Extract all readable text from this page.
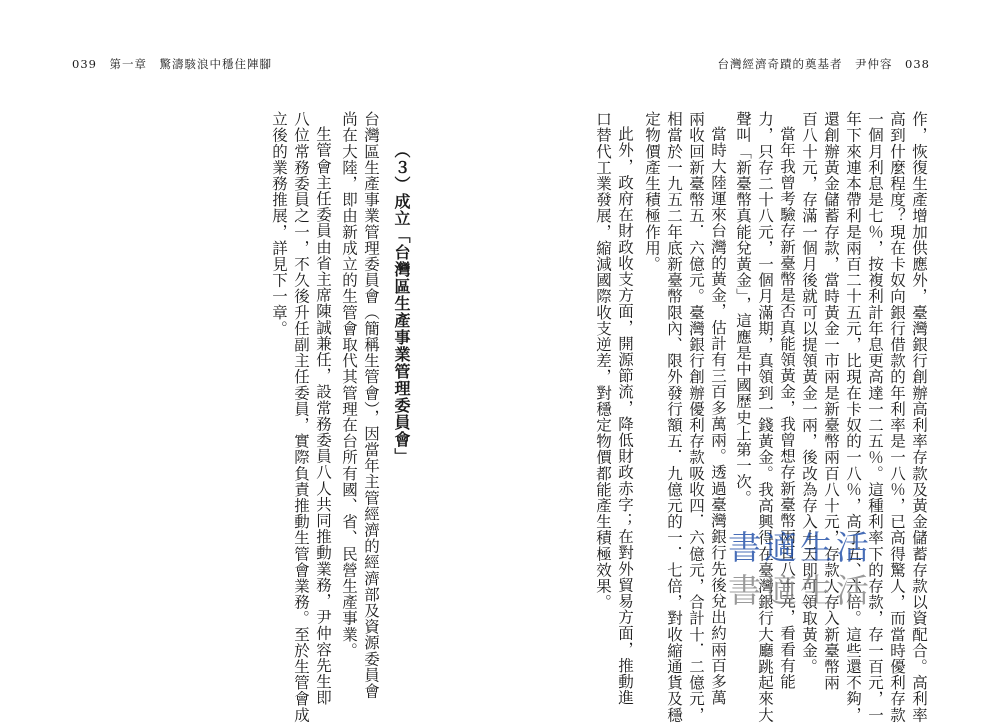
039　第一章　驚濤駭浪中穩住陣腳	台灣經濟奇蹟的奠基者　尹仲容　038
作，恢復生產增加供應外，臺灣銀行創辦高利率存款及黃金儲蓄存款以資配合。高利率
高到什麼程度？現在卡奴向銀行借款的年利率是一八％，已高得驚人，而當時優利存款
一個月利息是七％，按複利計年息更高達一二五％。這種利率下的存款，存一百元，一
年下來連本帶利是兩百二十五元，比現在卡奴的一八％，高了五、六倍。這些還不夠，
還創辦黃金儲蓄存款，當時黃金一市兩是新臺幣兩百八十元，存款人存入新臺幣兩
百八十元，存滿一個月後就可以提領黃金一兩，後改為存入十天即可領取黃金。
當年我曾考驗存新臺幣是否真能領黃金，我曾想存新臺幣兩百八十元，看看有能
力，只存二十八元，一個月滿期，真領到一錢黃金。我高興得在臺灣銀行大廳跳起來大
聲叫「新臺幣真能兌黃金」，這應是中國歷史上第一次。
當時大陸運來台灣的黃金，估計有三百多萬兩。透過臺灣銀行先後兌出約兩百多萬
兩收回新臺幣五．六億元。臺灣銀行創辦優利存款吸收四．六億元，合計十．二億元，
相當於一九五二年底新臺幣限內、限外發行額五．九億元的一．七倍，對收縮通貨及穩
定物價產生積極作用。
此外，政府在財政收支方面，開源節流，降低財政赤字；在對外貿易方面，推動進
口替代工業發展，縮減國際收支逆差，對穩定物價都能產生積極效果。
（３）成立「台灣區生產事業管理委員會」
台灣區生產事業管理委員會（簡稱生管會），因當年主管經濟的經濟部及資源委員會
尚在大陸，即由新成立的生管會取代其管理在台所有國、省、民營生產事業。
生管會主任委員由省主席陳誠兼任，設常務委員八人共同推動業務，尹仲容先生即
八位常務委員之一，不久後升任副主任委員，實際負責推動生管會業務。至於生管會成
立後的業務推展，詳見下一章。
書適生活
書適生活
